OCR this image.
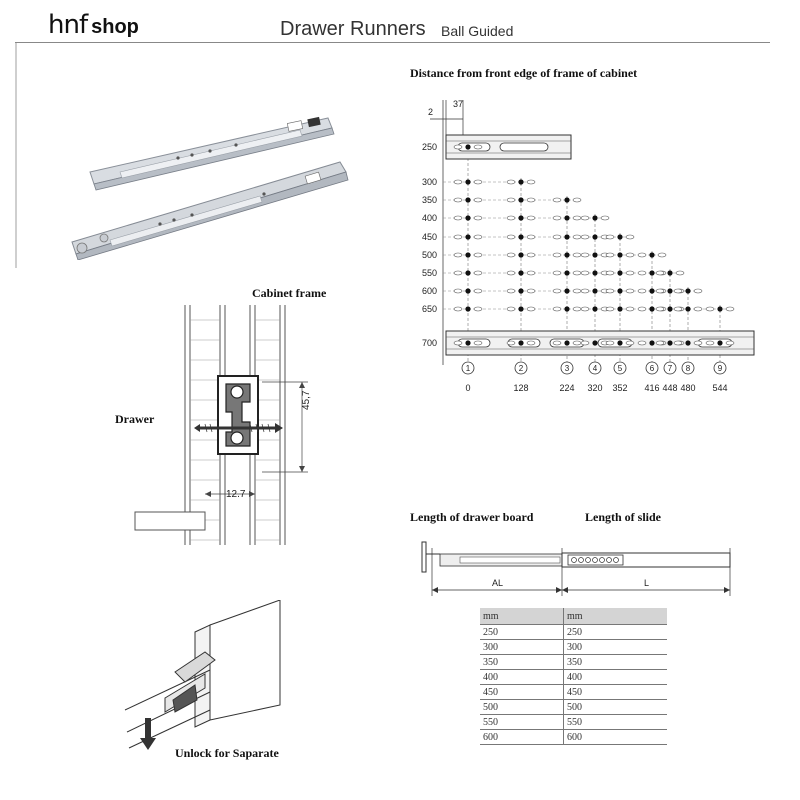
hnf shop	Drawer Runners Ball Guided
Cabinet frame
Drawer
45,7
12.7
Unlock for Saparate
Distance from front edge of frame of cabinet
2
37
250
300
350
400
450
500
550
600
650
700
1
0
2
128
3
224
4
320
5
352
6
416
7
448
8
480
9
544
Length of drawer board	Length of slide
AL	L
mm	mm
250	250
300	300
350	350
400	400
450	450
500	500
550	550
600	600
